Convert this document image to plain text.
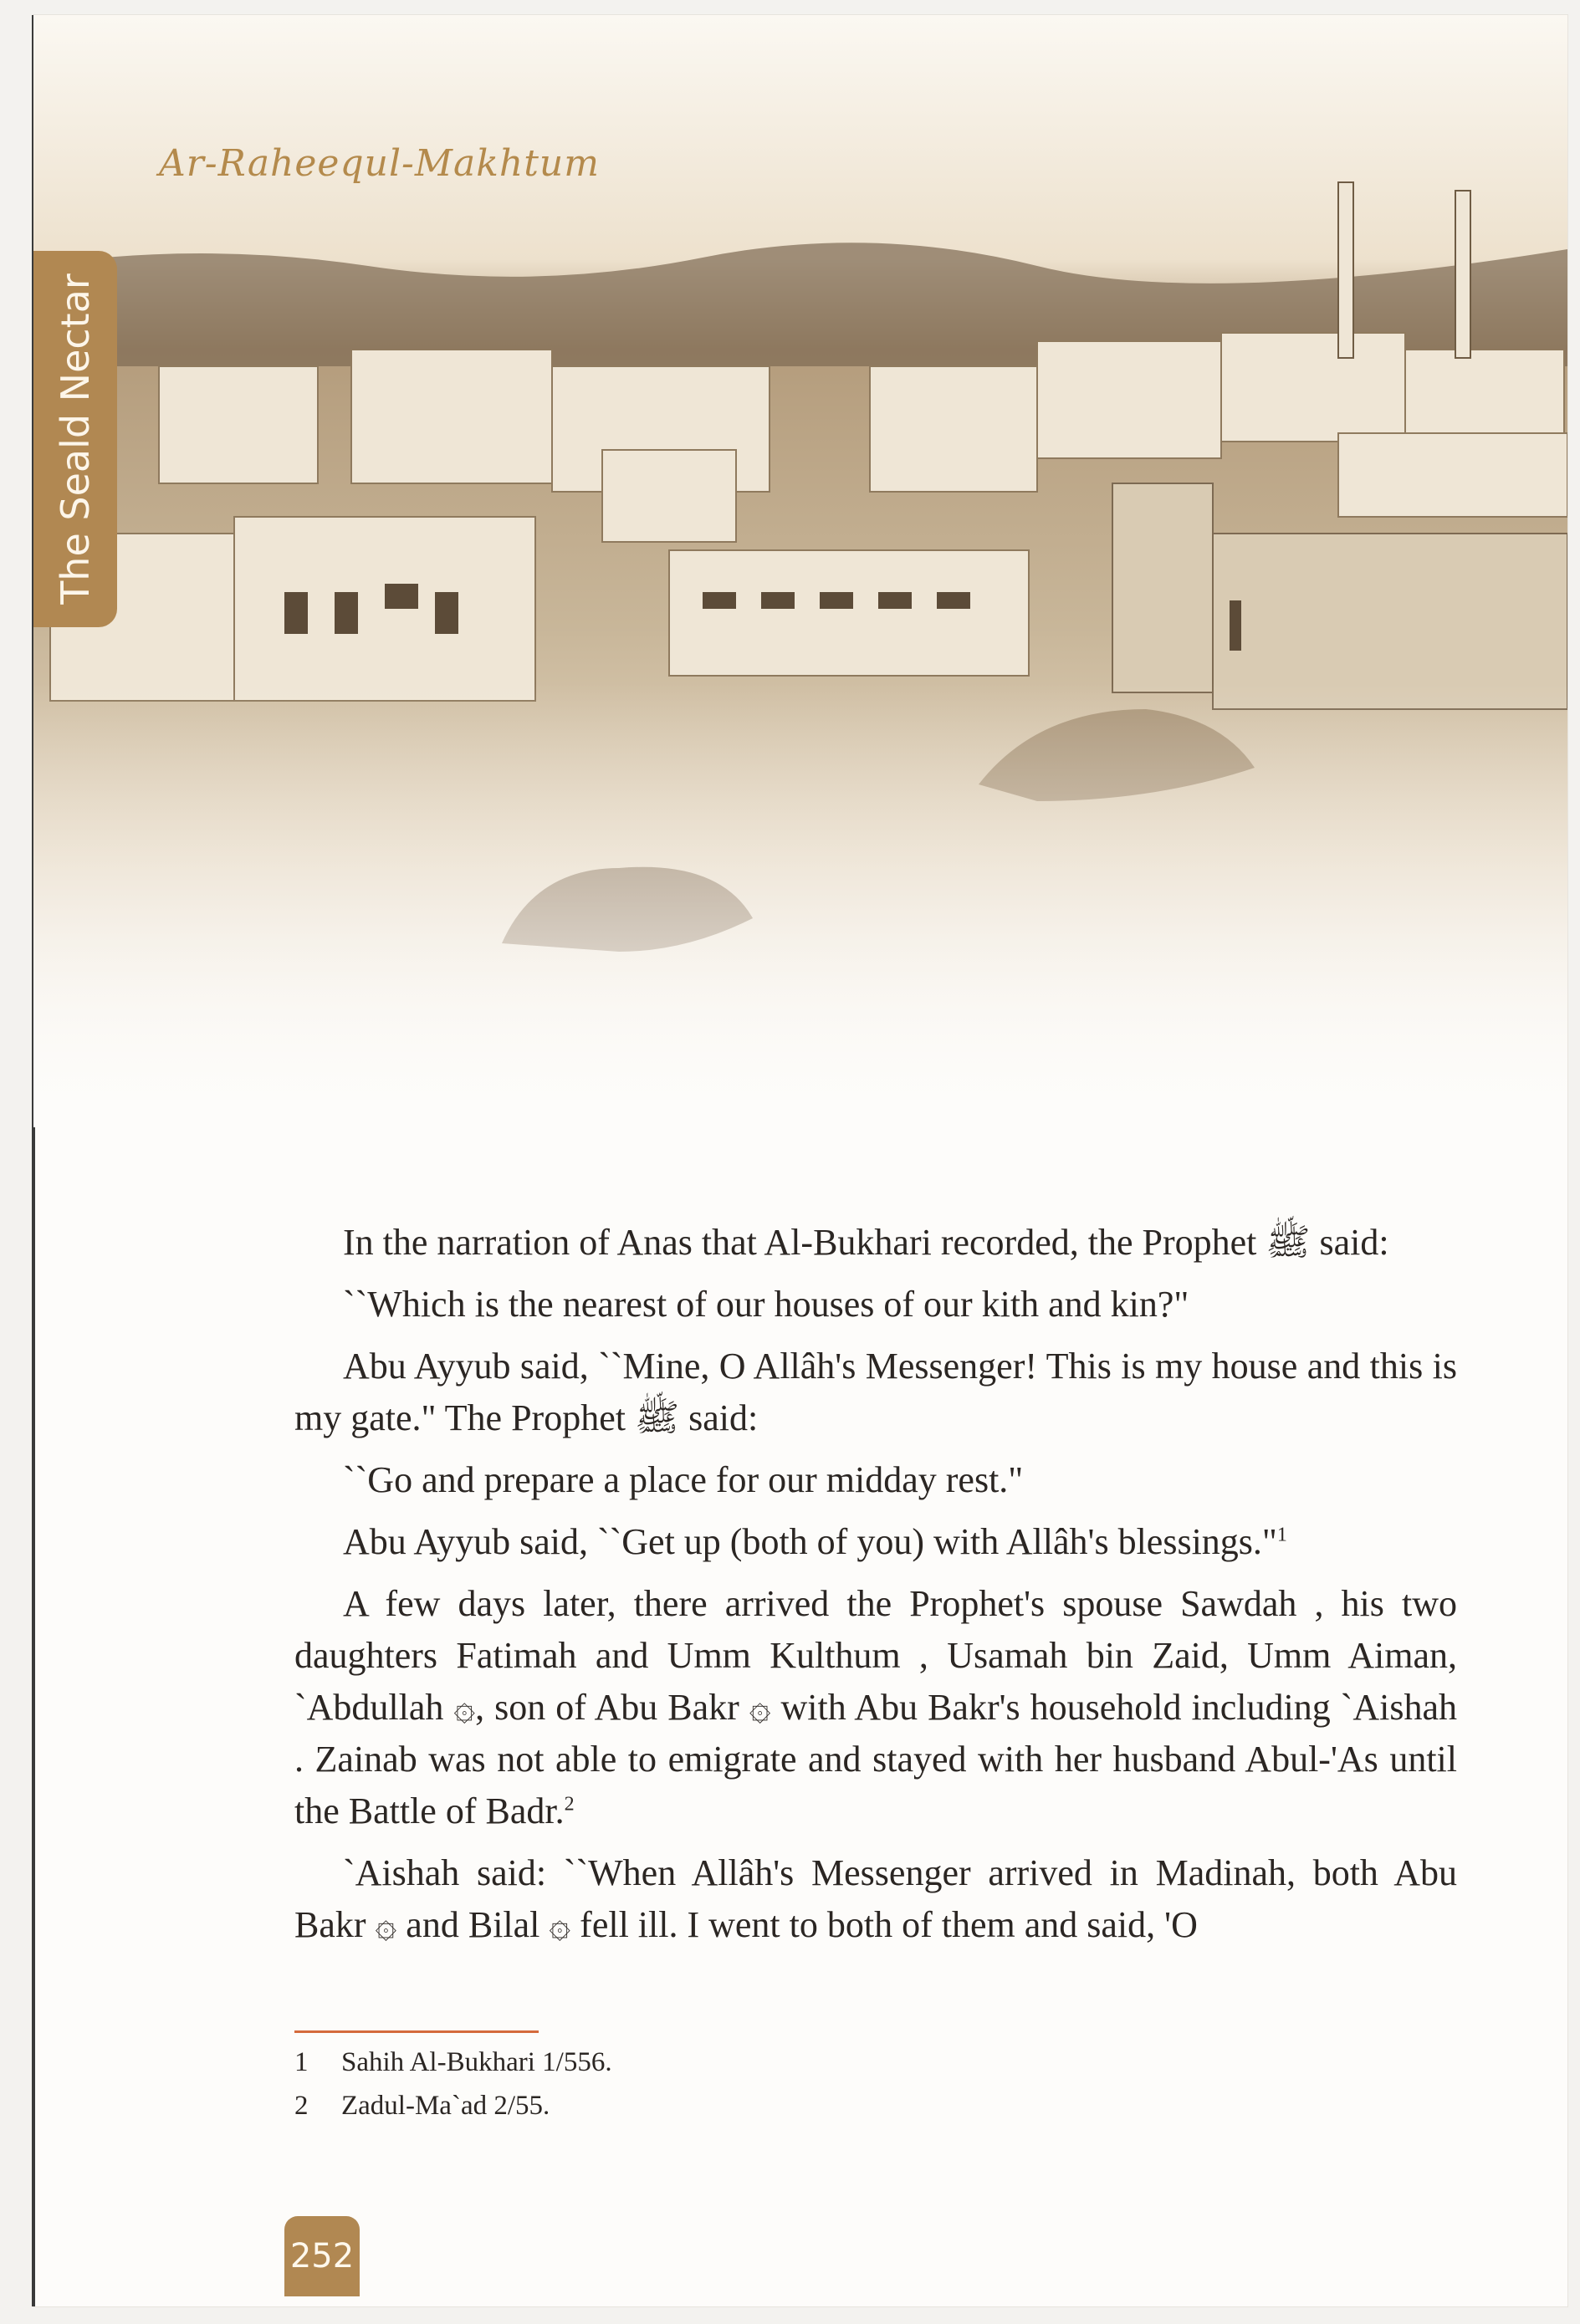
Ar-Raheequl-Makhtum
The Seald Nectar

In the narration of Anas that Al-Bukhari recorded, the Prophet ﷺ said:

``Which is the nearest of our houses of our kith and kin?"

Abu Ayyub said, ``Mine, O Allâh's Messenger! This is my house and this is my gate." The Prophet ﷺ said:

``Go and prepare a place for our midday rest."

Abu Ayyub said, ``Get up (both of you) with Allâh's blessings."$^1$

A few days later, there arrived the Prophet's spouse Sawdah , his two daughters Fatimah and Umm Kulthum , Usamah bin Zaid, Umm Aiman, `Abdullah ۞, son of Abu Bakr ۞ with Abu Bakr's household including `Aishah . Zainab was not able to emigrate and stayed with her husband Abul-'As until the Battle of Badr.$^2$

`Aishah said: ``When Allâh's Messenger arrived in Madinah, both Abu Bakr ۞ and Bilal ۞ fell ill. I went to both of them and said, 'O

1 Sahih Al-Bukhari 1/556.
2 Zadul-Ma`ad 2/55.
252
